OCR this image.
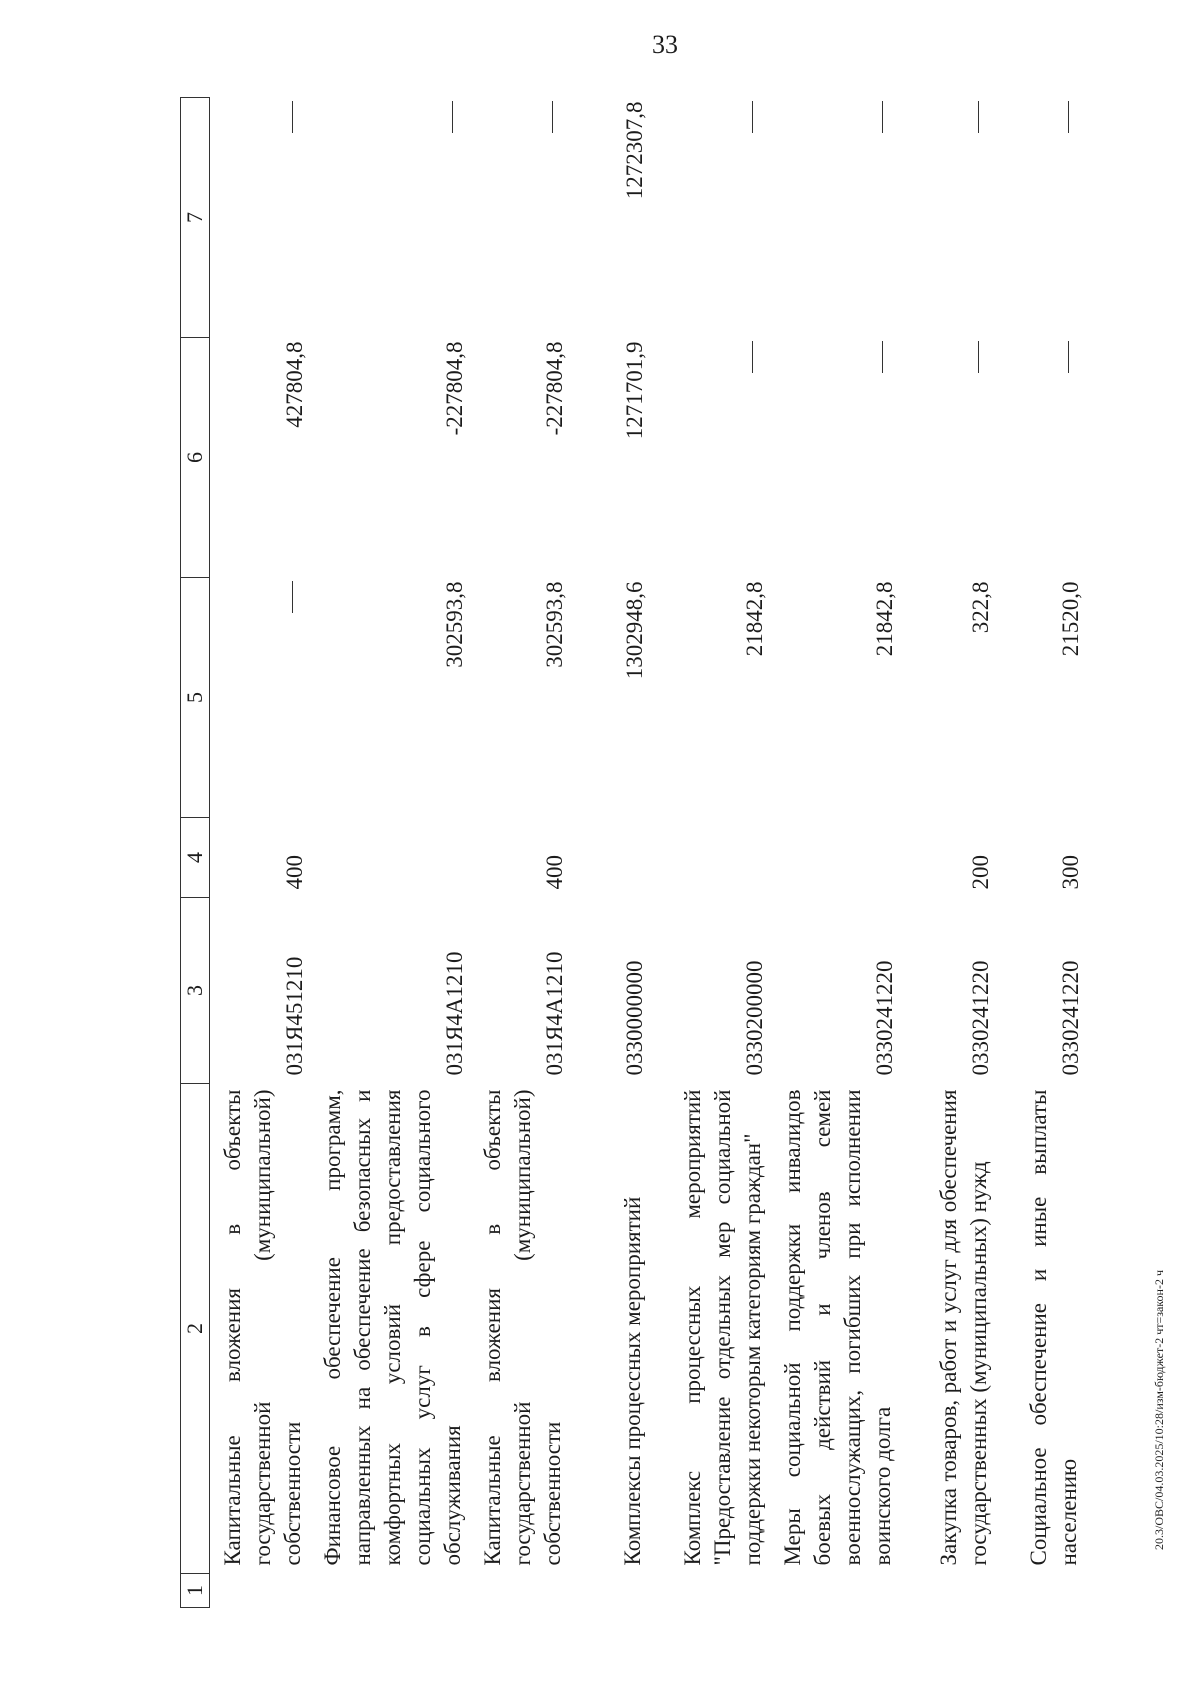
33
1	2	3	4	5	6	7
	Капитальные вложения в объекты государственной (муниципальной) собственности	031Я451210	400		427804,8	
	Финансовое обеспечение программ, направленных на обеспечение безопасных и комфортных условий предоставления социальных услуг в сфере социального обслуживания	031Я4А1210		302593,8	-227804,8	
	Капитальные вложения в объекты государственной (муниципальной) собственности	031Я4А1210	400	302593,8	-227804,8	
	Комплексы процессных мероприятий	0330000000		1302948,6	1271701,9	1272307,8
	Комплекс процессных мероприятий "Предоставление отдельных мер социальной поддержки некоторым категориям граждан"	0330200000		21842,8		
	Меры социальной поддержки инвалидов боевых действий и членов семей военнослужащих, погибших при исполнении воинского долга	0330241220		21842,8		
	Закупка товаров, работ и услуг для обеспечения государственных (муниципальных) нужд	0330241220	200	322,8		
	Социальное обеспечение и иные выплаты населению	0330241220	300	21520,0		
20.3/ОВС/04.03.2025/10:28/изм-бюджет-2 чт=закон-2 ч
